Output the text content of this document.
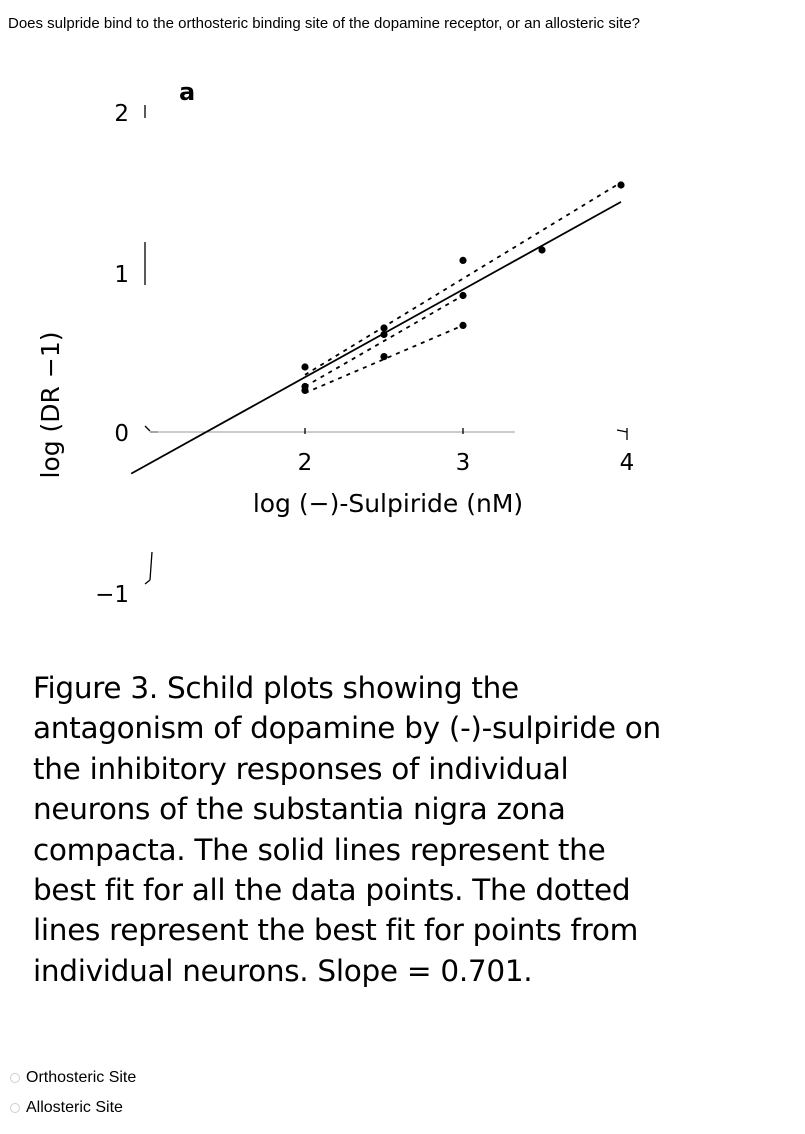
Does sulpride bind to the orthosteric binding site of the dopamine receptor, or an allosteric site?
a
2	3	4
2
1
0
−1
log (−)-Sulpiride (nМ)
log (DR −1)

Figure 3. Schild plots showing the antagonism of dopamine by (-)-sulpiride on the inhibitory responses of individual neurons of the substantia nigra zona compacta. The solid lines represent the best fit for all the data points. The dotted lines represent the best fit for points from individual neurons. Slope = 0.701.

Orthosteric Site
Allosteric Site
